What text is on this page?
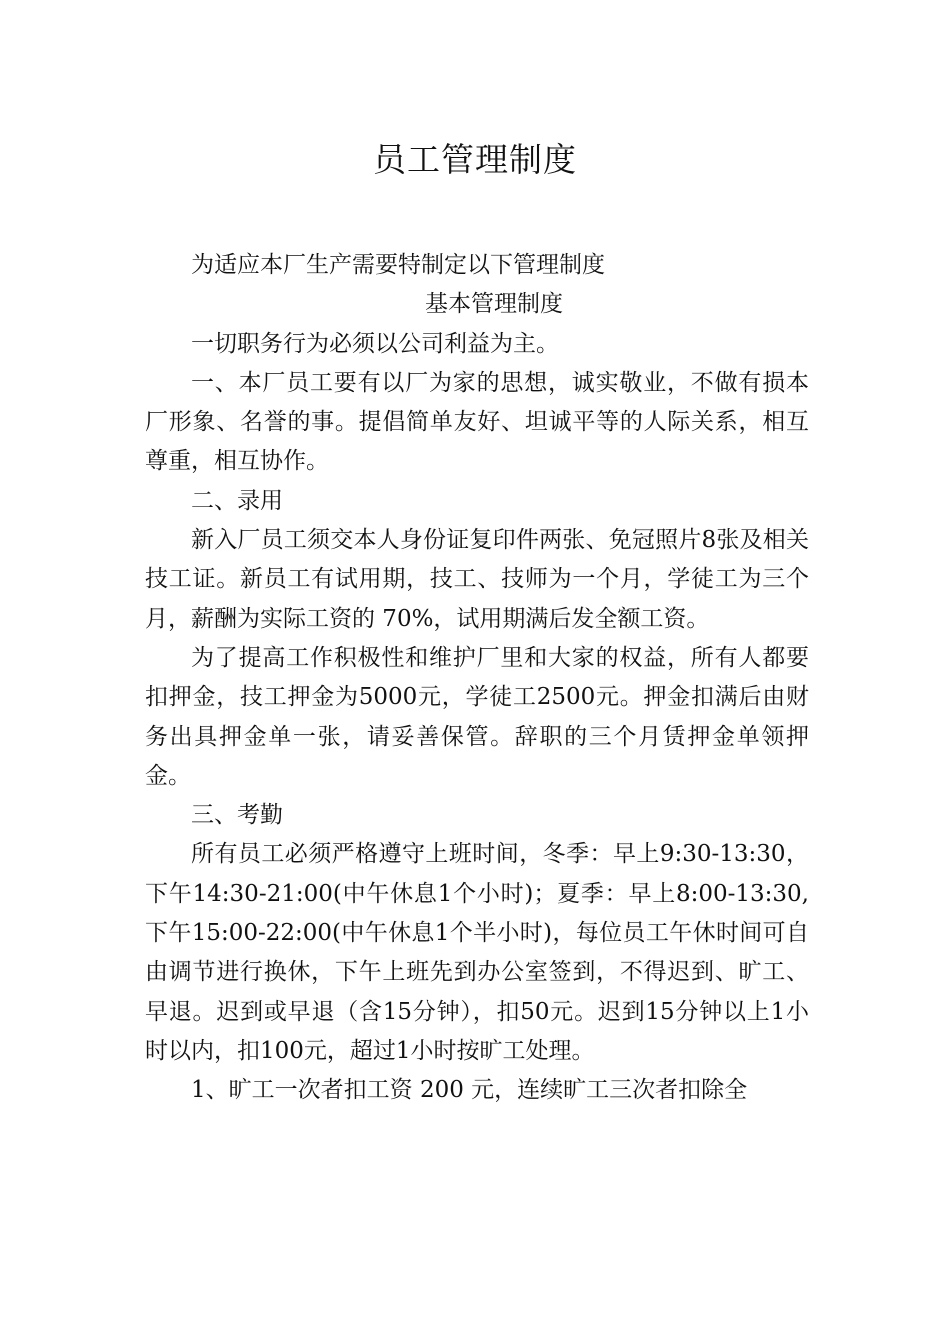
员工管理制度

为适应本厂生产需要特制定以下管理制度

基本管理制度

一切职务行为必须以公司利益为主。

一、本厂员工要有以厂为家的思想，诚实敬业，不做有损本厂形象、名誉的事。提倡简单友好、坦诚平等的人际关系，相互尊重，相互协作。

二、录用

新入厂员工须交本人身份证复印件两张、免冠照片8张及相关技工证。新员工有试用期，技工、技师为一个月，学徒工为三个月，薪酬为实际工资的 70%，试用期满后发全额工资。

为了提高工作积极性和维护厂里和大家的权益，所有人都要扣押金，技工押金为5000元，学徒工2500元。押金扣满后由财务出具押金单一张，请妥善保管。辞职的三个月赁押金单领押金。

三、考勤

所有员工必须严格遵守上班时间，冬季：早上9:30-13:30，下午14:30-21:00(中午休息1个小时)；夏季：早上8:00-13:30,下午15:00-22:00(中午休息1个半小时)，每位员工午休时间可自由调节进行换休，下午上班先到办公室签到，不得迟到、旷工、早退。迟到或早退（含15分钟），扣50元。迟到15分钟以上1小时以内，扣100元，超过1小时按旷工处理。

1、旷工一次者扣工资 200 元，连续旷工三次者扣除全
